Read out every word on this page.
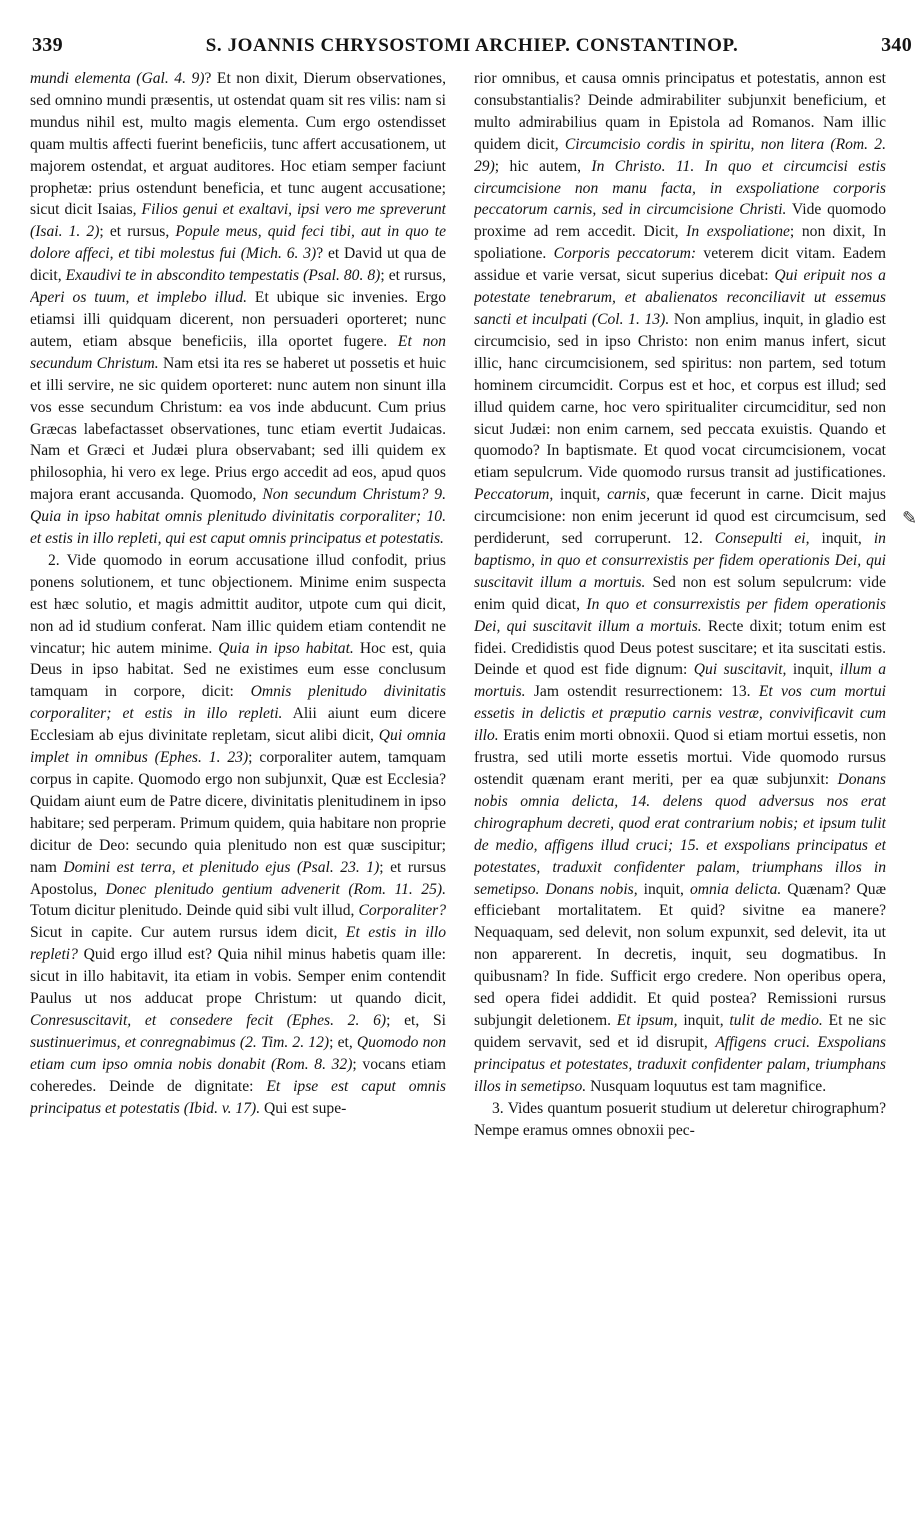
339	S. JOANNIS CHRYSOSTOMI ARCHIEP. CONSTANTINOP.	340

mundi elementa (Gal. 4. 9)? Et non dixit, Dierum observationes, sed omnino mundi præsentis, ut ostendat quam sit res vilis: nam si mundus nihil est, multo magis elementa. Cum ergo ostendisset quam multis affecti fuerint beneficiis, tunc affert accusationem, ut majorem ostendat, et arguat auditores. Hoc etiam semper faciunt prophetæ: prius ostendunt beneficia, et tunc augent accusatione; sicut dicit Isaias, Filios genui et exaltavi, ipsi vero me spreverunt (Isai. 1. 2); et rursus, Popule meus, quid feci tibi, aut in quo te dolore affeci, et tibi molestus fui (Mich. 6. 3)? et David ut qua de dicit, Exaudivi te in abscondito tempestatis (Psal. 80. 8); et rursus, Aperi os tuum, et implebo illud. Et ubique sic invenies. Ergo etiamsi illi quidquam dicerent, non persuaderi oporteret; nunc autem, etiam absque beneficiis, illa oportet fugere. Et non secundum Christum. Nam etsi ita res se haberet ut possetis et huic et illi servire, ne sic quidem oporteret: nunc autem non sinunt illa vos esse secundum Christum: ea vos inde abducunt. Cum prius Græcas labefactasset observationes, tunc etiam evertit Judaicas. Nam et Græci et Judæi plura observabant; sed illi quidem ex philosophia, hi vero ex lege. Prius ergo accedit ad eos, apud quos majora erant accusanda. Quomodo, Non secundum Christum? 9. Quia in ipso habitat omnis plenitudo divinitatis corporaliter; 10. et estis in illo repleti, qui est caput omnis principatus et potestatis.

2. Vide quomodo in eorum accusatione illud confodit, prius ponens solutionem, et tunc objectionem. Minime enim suspecta est hæc solutio, et magis admittit auditor, utpote cum qui dicit, non ad id studium conferat. Nam illic quidem etiam contendit ne vincatur; hic autem minime. Quia in ipso habitat. Hoc est, quia Deus in ipso habitat. Sed ne existimes eum esse conclusum tamquam in corpore, dicit: Omnis plenitudo divinitatis corporaliter; et estis in illo repleti. Alii aiunt eum dicere Ecclesiam ab ejus divinitate repletam, sicut alibi dicit, Qui omnia implet in omnibus (Ephes. 1. 23); corporaliter autem, tamquam corpus in capite. Quomodo ergo non subjunxit, Quæ est Ecclesia? Quidam aiunt eum de Patre dicere, divinitatis plenitudinem in ipso habitare; sed perperam. Primum quidem, quia habitare non proprie dicitur de Deo: secundo quia plenitudo non est quæ suscipitur; nam Domini est terra, et plenitudo ejus (Psal. 23. 1); et rursus Apostolus, Donec plenitudo gentium advenerit (Rom. 11. 25). Totum dicitur plenitudo. Deinde quid sibi vult illud, Corporaliter? Sicut in capite. Cur autem rursus idem dicit, Et estis in illo repleti? Quid ergo illud est? Quia nihil minus habetis quam ille: sicut in illo habitavit, ita etiam in vobis. Semper enim contendit Paulus ut nos adducat prope Christum: ut quando dicit, Conresuscitavit, et consedere fecit (Ephes. 2. 6); et, Si sustinuerimus, et conregnabimus (2. Tim. 2. 12); et, Quomodo non etiam cum ipso omnia nobis donabit (Rom. 8. 32); vocans etiam coheredes. Deinde de dignitate: Et ipse est caput omnis principatus et potestatis (Ibid. v. 17). Qui est supe-

rior omnibus, et causa omnis principatus et potestatis, annon est consubstantialis? Deinde admirabiliter subjunxit beneficium, et multo admirabilius quam in Epistola ad Romanos. Nam illic quidem dicit, Circumcisio cordis in spiritu, non litera (Rom. 2. 29); hic autem, In Christo. 11. In quo et circumcisi estis circumcisione non manu facta, in exspoliatione corporis peccatorum carnis, sed in circumcisione Christi. Vide quomodo proxime ad rem accedit. Dicit, In exspoliatione; non dixit, In spoliatione. Corporis peccatorum: veterem dicit vitam. Eadem assidue et varie versat, sicut superius dicebat: Qui eripuit nos a potestate tenebrarum, et abalienatos reconciliavit ut essemus sancti et inculpati (Col. 1. 13). Non amplius, inquit, in gladio est circumcisio, sed in ipso Christo: non enim manus infert, sicut illic, hanc circumcisionem, sed spiritus: non partem, sed totum hominem circumcidit. Corpus est et hoc, et corpus est illud; sed illud quidem carne, hoc vero spiritualiter circumciditur, sed non sicut Judæi: non enim carnem, sed peccata exuistis. Quando et quomodo? In baptismate. Et quod vocat circumcisionem, vocat etiam sepulcrum. Vide quomodo rursus transit ad justificationes. Peccatorum, inquit, carnis, quæ fecerunt in carne. Dicit majus circumcisione: non enim jecerunt id quod est circumcisum, sed perdiderunt, sed corruperunt. 12. Consepulti ei, inquit, in baptismo, in quo et consurrexistis per fidem operationis Dei, qui suscitavit illum a mortuis. Sed non est solum sepulcrum: vide enim quid dicat, In quo et consurrexistis per fidem operationis Dei, qui suscitavit illum a mortuis. Recte dixit; totum enim est fidei. Credidistis quod Deus potest suscitare; et ita suscitati estis. Deinde et quod est fide dignum: Qui suscitavit, inquit, illum a mortuis. Jam ostendit resurrectionem: 13. Et vos cum mortui essetis in delictis et præputio carnis vestræ, convivificavit cum illo. Eratis enim morti obnoxii. Quod si etiam mortui essetis, non frustra, sed utili morte essetis mortui. Vide quomodo rursus ostendit quænam erant meriti, per ea quæ subjunxit: Donans nobis omnia delicta, 14. delens quod adversus nos erat chirographum decreti, quod erat contrarium nobis; et ipsum tulit de medio, affigens illud cruci; 15. et exspolians principatus et potestates, traduxit confidenter palam, triumphans illos in semetipso. Donans nobis, inquit, omnia delicta. Quænam? Quæ efficiebant mortalitatem. Et quid? sivitne ea manere? Nequaquam, sed delevit, non solum expunxit, sed delevit, ita ut non apparerent. In decretis, inquit, seu dogmatibus. In quibusnam? In fide. Sufficit ergo credere. Non operibus opera, sed opera fidei addidit. Et quid postea? Remissioni rursus subjungit deletionem. Et ipsum, inquit, tulit de medio. Et ne sic quidem servavit, sed et id disrupit, Affigens cruci. Exspolians principatus et potestates, traduxit confidenter palam, triumphans illos in semetipso. Nusquam loquutus est tam magnifice.

3. Vides quantum posuerit studium ut deleretur chirographum? Nempe eramus omnes obnoxii pec-

✎
